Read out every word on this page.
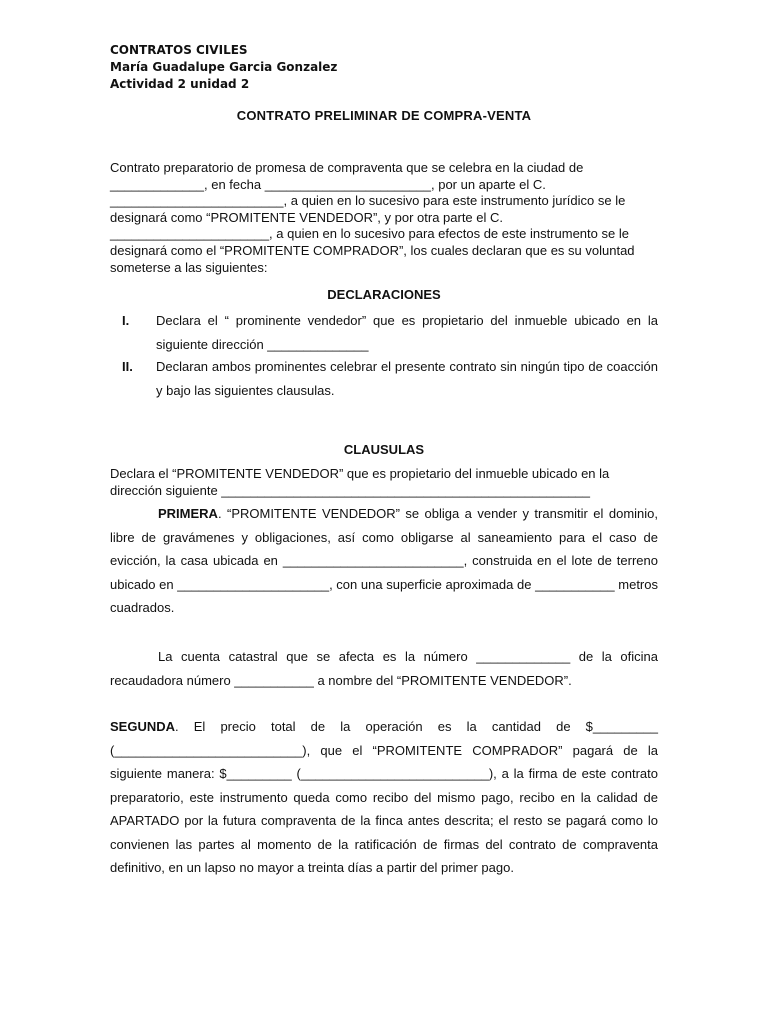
CONTRATOS CIVILES
María Guadalupe Garcia Gonzalez
Actividad 2 unidad 2
CONTRATO PRELIMINAR DE COMPRA-VENTA
Contrato preparatorio de promesa de compraventa que se celebra en la ciudad de _____________, en fecha _______________________, por un aparte el C. ________________________, a quien en lo sucesivo para este instrumento jurídico se le designará como “PROMITENTE VENDEDOR”, y por otra parte el C. ______________________, a quien en lo sucesivo para efectos de este instrumento se le designará como el “PROMITENTE COMPRADOR”, los cuales declaran que es su voluntad someterse a las siguientes:
DECLARACIONES
I. Declara el “ prominente vendedor” que es propietario del inmueble ubicado en la siguiente dirección ______________
II. Declaran ambos prominentes celebrar el presente contrato sin ningún tipo de coacción y bajo las siguientes clausulas.
CLAUSULAS
Declara el “PROMITENTE VENDEDOR” que es propietario del inmueble ubicado en la dirección siguiente ___________________________________________________
PRIMERA. “PROMITENTE VENDEDOR” se obliga a vender y transmitir el dominio, libre de gravámenes y obligaciones, así como obligarse al saneamiento para el caso de evicción, la casa ubicada en _________________________, construida en el lote de terreno ubicado en _____________________, con una superficie aproximada de ___________ metros cuadrados.
La cuenta catastral que se afecta es la número _____________ de la oficina recaudadora número ___________ a nombre del “PROMITENTE VENDEDOR”.
SEGUNDA. El precio total de la operación es la cantidad de $_________ (__________________________), que el “PROMITENTE COMPRADOR” pagará de la siguiente manera: $_________ (__________________________), a la firma de este contrato preparatorio, este instrumento queda como recibo del mismo pago, recibo en la calidad de APARTADO por la futura compraventa de la finca antes descrita; el resto se pagará como lo convienen las partes al momento de la ratificación de firmas del contrato de compraventa definitivo, en un lapso no mayor a treinta días a partir del primer pago.
